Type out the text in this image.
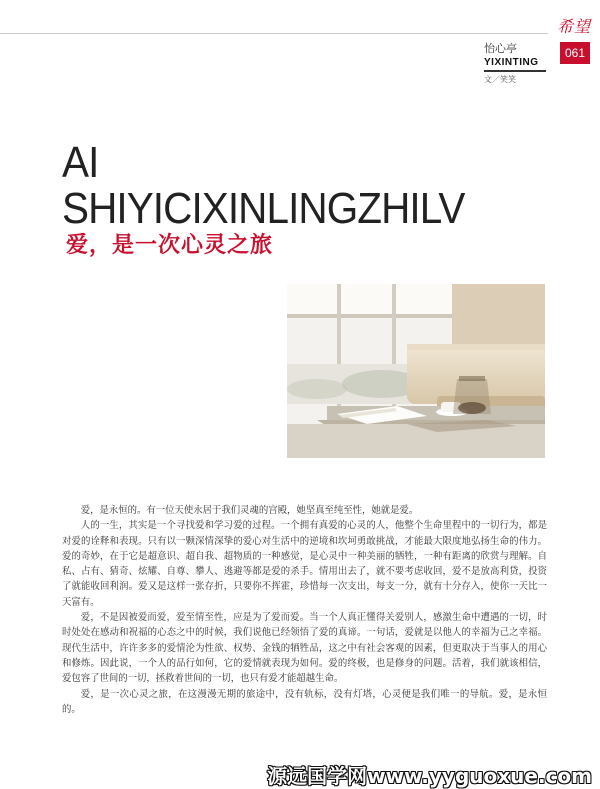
希望
061
怡心亭
YIXINTING
文／笑笑
AI
SHIYICIXINLINGZHILV
爱，是一次心灵之旅

爱，是永恒的。有一位天使永居于我们灵魂的宫殿，她坚真至纯至性，她就是爱。

人的一生，其实是一个寻找爱和学习爱的过程。一个拥有真爱的心灵的人，他整个生命里程中的一切行为，都是对爱的诠释和表现。只有以一颗深情深挚的爱心对生活中的逆境和坎坷勇敢挑战，才能最大限度地弘扬生命的伟力。爱的奇妙，在于它是超意识、超自我、超物质的一种感觉，是心灵中一种美丽的牺牲，一种有距离的欣赏与理解。自私、占有、猜奇、炫耀、自尊、攀人、逃避等都是爱的杀手。情用出去了，就不要考虑收回，爱不是放高利贷，投资了就能收回利润。爱又是这样一张存折，只要你不挥霍，珍惜每一次支出，每支一分，就有十分存入，使你一天比一天富有。

爱，不是因被爱而爱，爱至情至性，应是为了爱而爱。当一个人真正懂得关爱别人，感激生命中遭遇的一切，时时处处在感动和祝福的心态之中的时候，我们说他已经领悟了爱的真谛。一句话，爱就是以他人的幸福为己之幸福。现代生活中，许许多多的爱情沦为性欲、权势、金钱的牺牲品，这之中有社会客观的因素，但更取决于当事人的用心和修炼。因此说，一个人的品行如何，它的爱情就表现为如何。爱的终极，也是修身的问题。活着，我们就该相信，爱包容了世间的一切，拯救着世间的一切，也只有爱才能超越生命。

爱，是一次心灵之旅，在这漫漫无期的旅途中，没有轨标，没有灯塔，心灵便是我们唯一的导航。爱，是永恒的。

源远国学网www.yyguoxue.com
